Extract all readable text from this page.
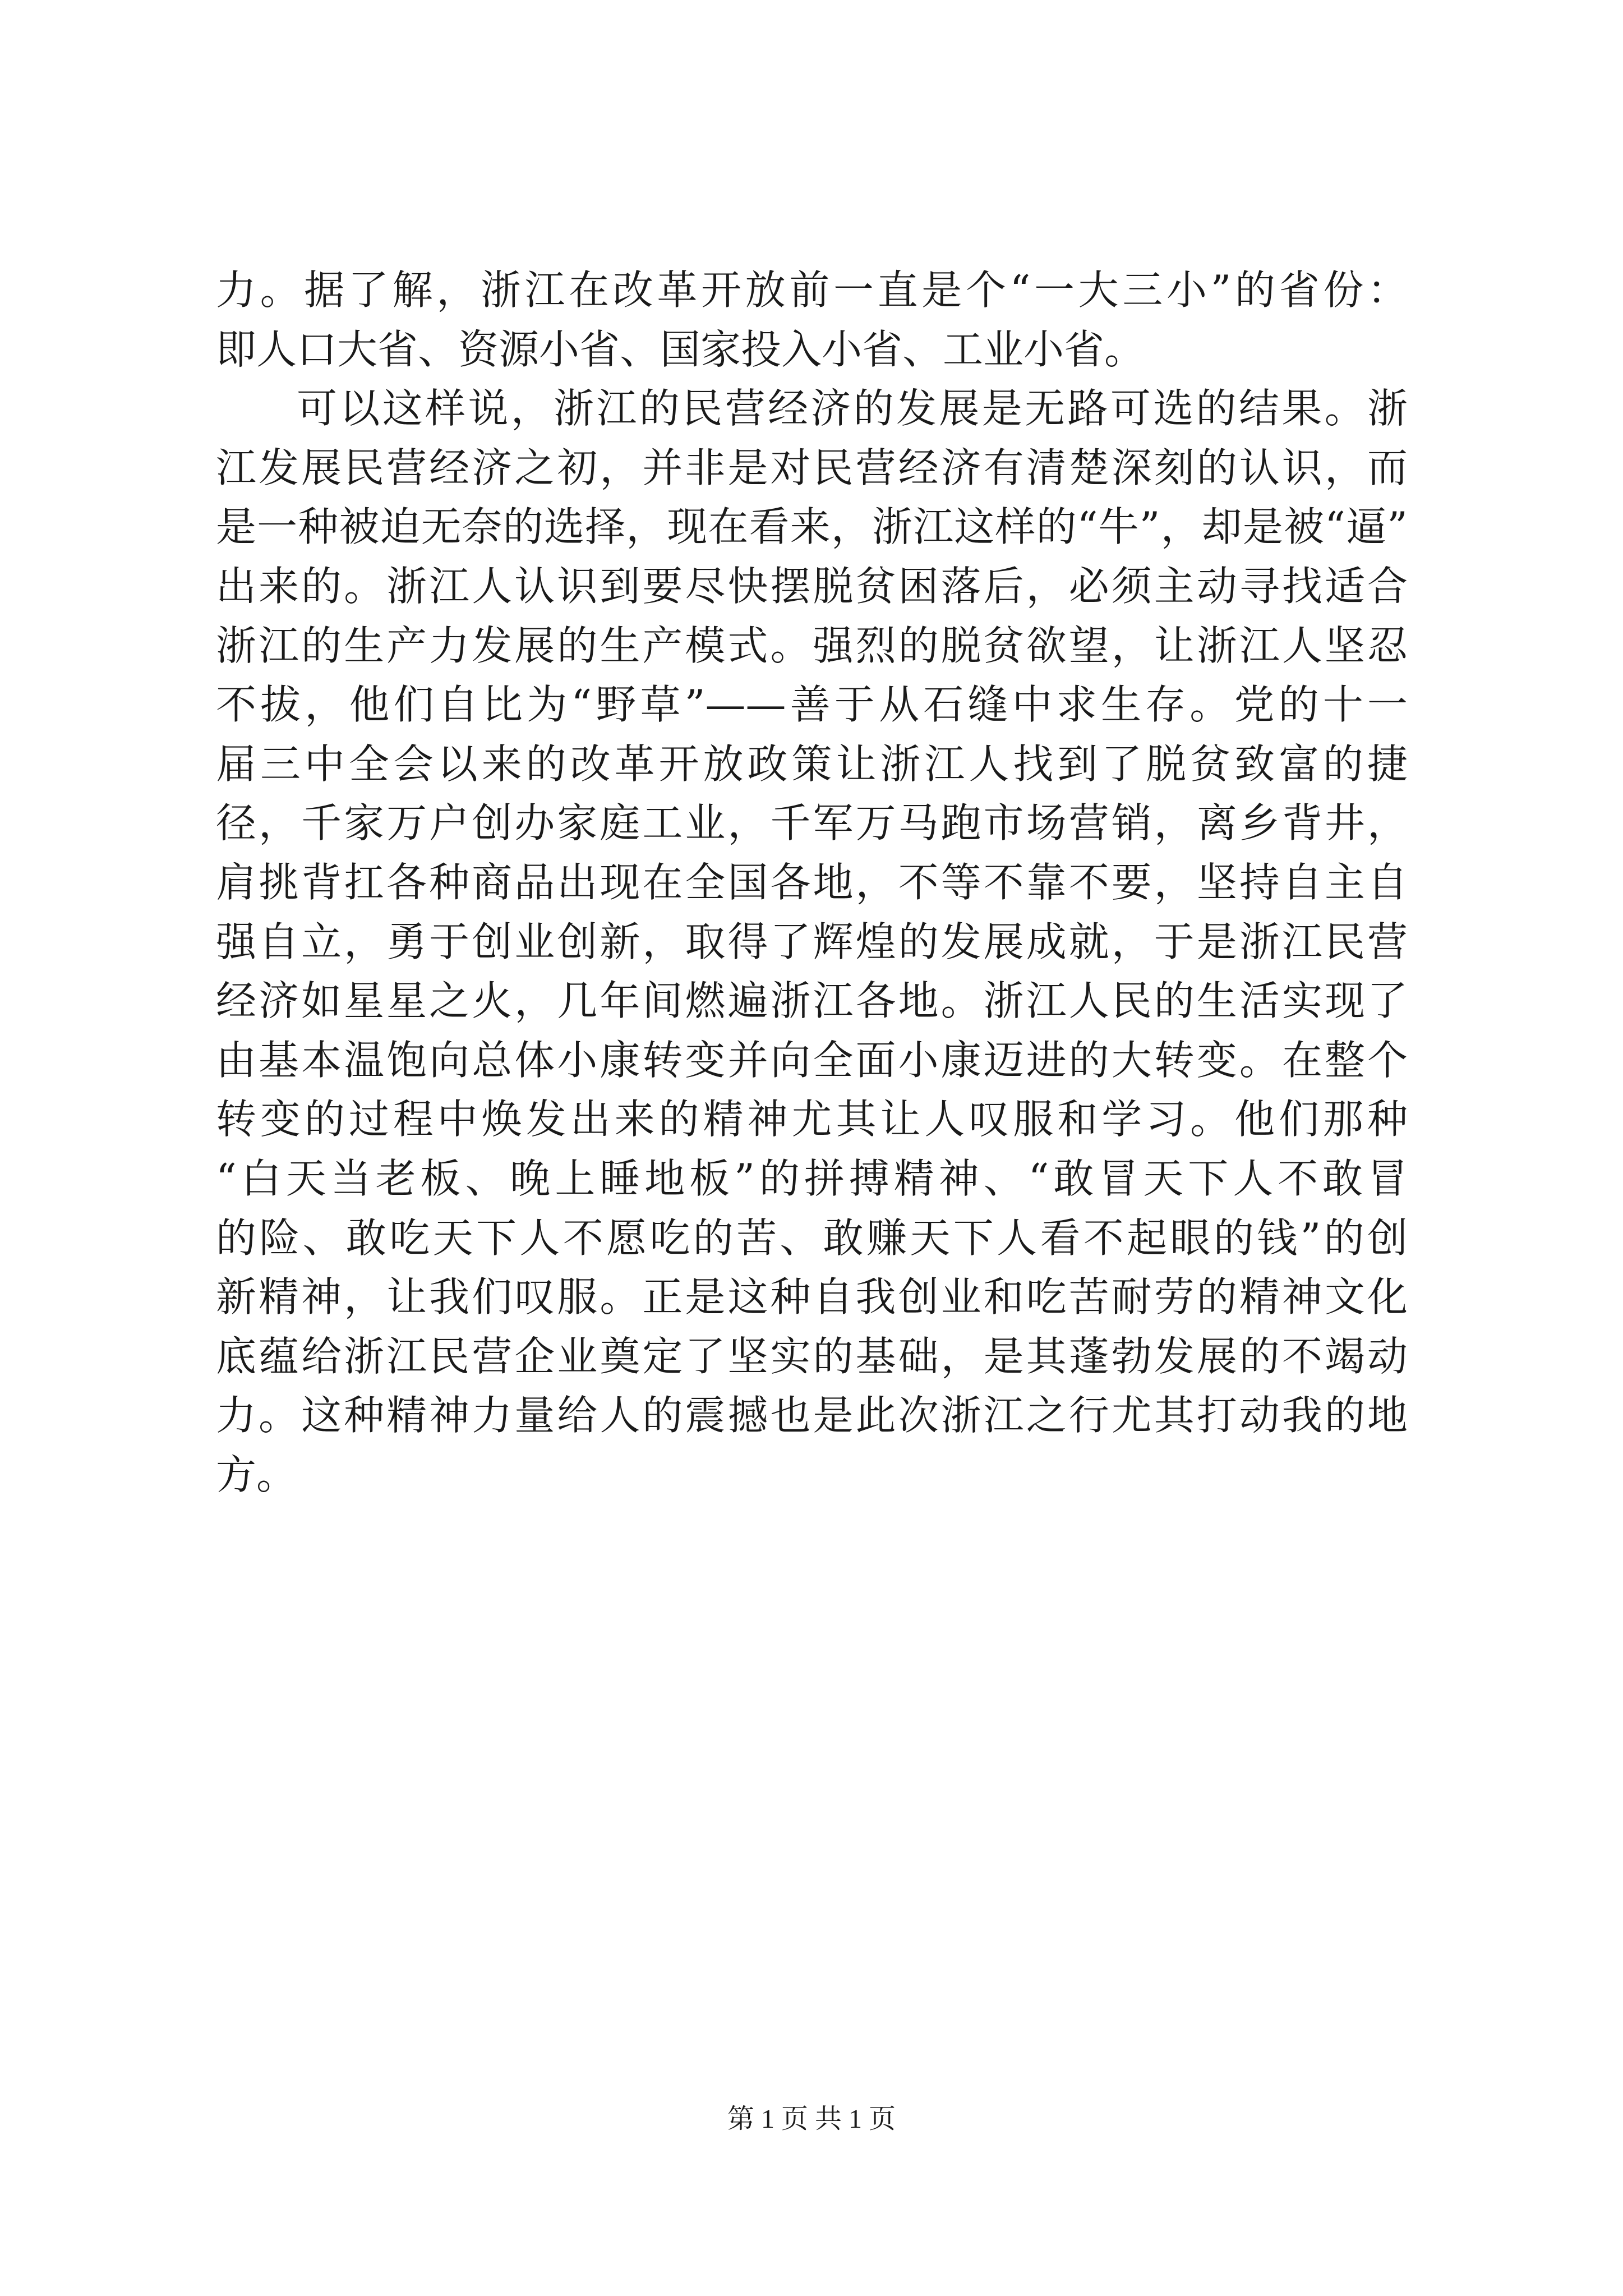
力。据了解，浙江在改革开放前一直是个“一大三小”的省份：
即人口大省、资源小省、国家投入小省、工业小省。
可以这样说，浙江的民营经济的发展是无路可选的结果。浙
江发展民营经济之初，并非是对民营经济有清楚深刻的认识，而
是一种被迫无奈的选择，现在看来，浙江这样的“牛”，却是被“逼”
出来的。浙江人认识到要尽快摆脱贫困落后，必须主动寻找适合
浙江的生产力发展的生产模式。强烈的脱贫欲望，让浙江人坚忍
不拔，他们自比为“野草”——善于从石缝中求生存。党的十一
届三中全会以来的改革开放政策让浙江人找到了脱贫致富的捷
径，千家万户创办家庭工业，千军万马跑市场营销，离乡背井，
肩挑背扛各种商品出现在全国各地，不等不靠不要，坚持自主自
强自立，勇于创业创新，取得了辉煌的发展成就，于是浙江民营
经济如星星之火，几年间燃遍浙江各地。浙江人民的生活实现了
由基本温饱向总体小康转变并向全面小康迈进的大转变。在整个
转变的过程中焕发出来的精神尤其让人叹服和学习。他们那种
“白天当老板、晚上睡地板”的拼搏精神、“敢冒天下人不敢冒
的险、敢吃天下人不愿吃的苦、敢赚天下人看不起眼的钱”的创
新精神，让我们叹服。正是这种自我创业和吃苦耐劳的精神文化
底蕴给浙江民营企业奠定了坚实的基础，是其蓬勃发展的不竭动
力。这种精神力量给人的震撼也是此次浙江之行尤其打动我的地
方。
第 1 页 共 1 页
